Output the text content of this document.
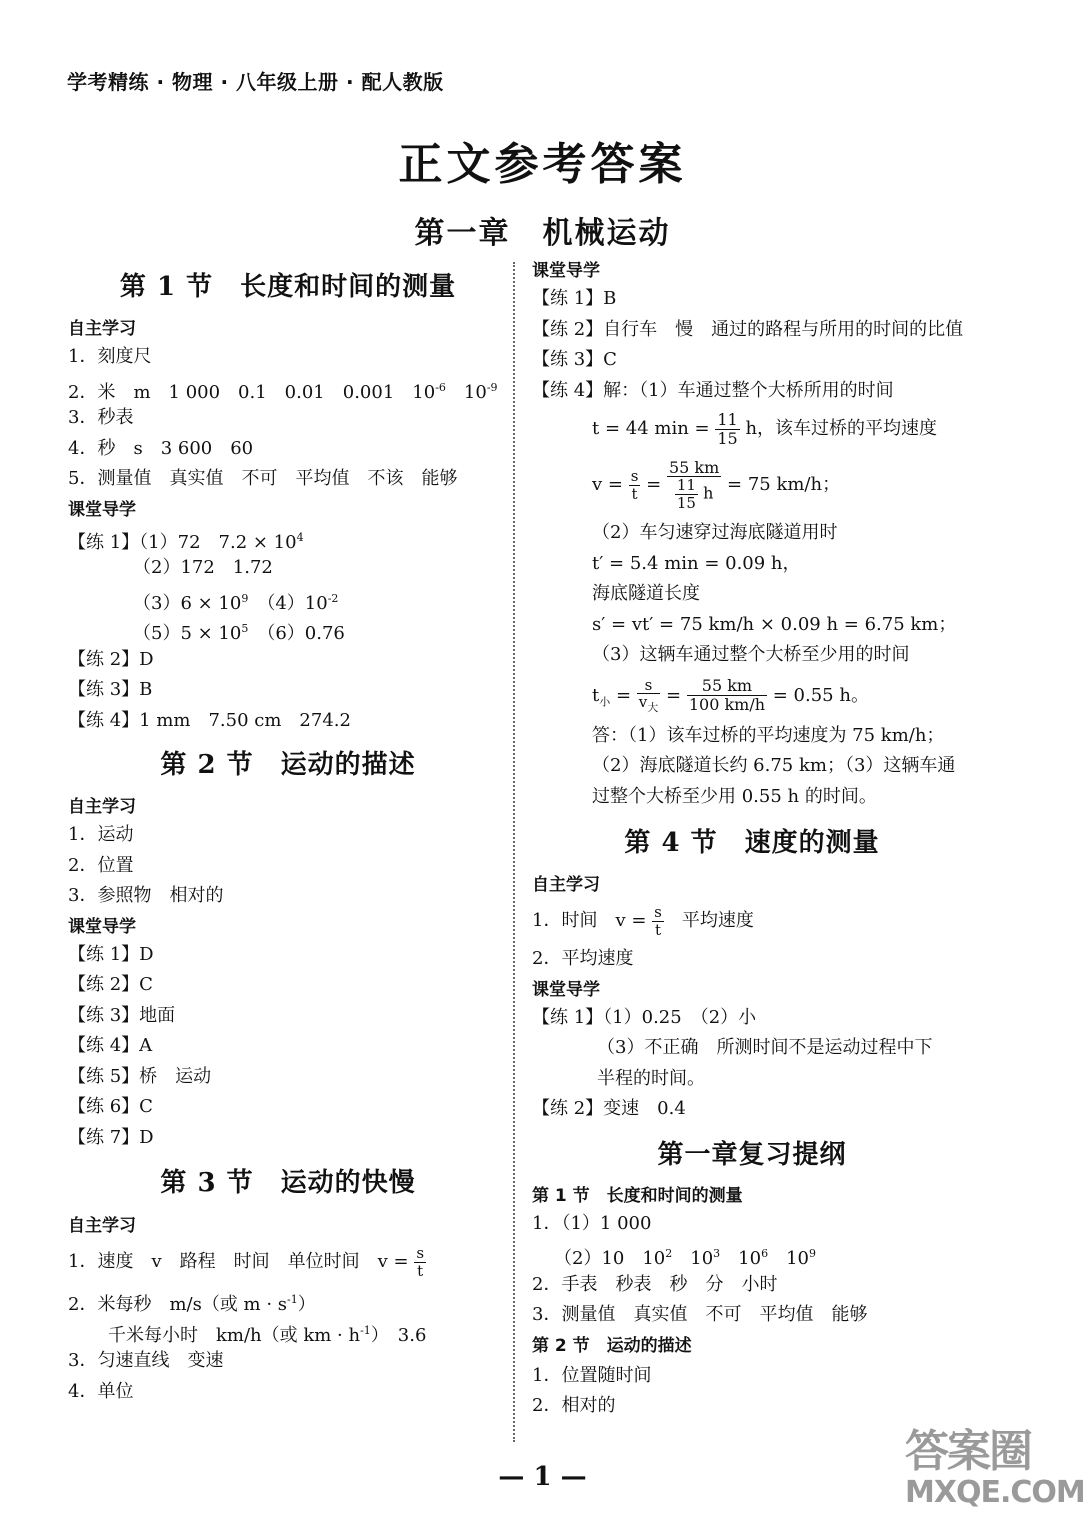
学考精练 · 物理 · 八年级上册 · 配人教版
正文参考答案
第一章　机械运动
第 1 节　长度和时间的测量
自主学习
1．刻度尺
2．米　m　1 000　0.1　0.01　0.001　$10^{-6}$　$10^{-9}$
3．秒表
4．秒　s　3 600　60
5．测量值　真实值　不可　平均值　不该　能够
课堂导学
【练 1】（1）72　$7.2 \times 10^4$
（2）172　1.72
$(3)6 \times 10^9$　$(4)10^{-2}$
$(5)5 \times 10^5$　（6）0.76
【练 2】D
【练 3】B
【练 4】1 mm　7.50 cm　274.2
第 2 节　运动的描述
自主学习
1．运动
2．位置
3．参照物　相对的
课堂导学
【练 1】D
【练 2】C
【练 3】地面
【练 4】A
【练 5】桥　运动
【练 6】C
【练 7】D
第 3 节　运动的快慢
自主学习
1．速度　v　路程　时间　单位时间　$v = \frac{s}{t}$
2．米每秒　m/s（或 $m \cdot s^{-1}$）
千米每小时　km/h（或 km · $h^{-1}$）　3.6
3．匀速直线　变速
4．单位
课堂导学
【练 1】B
【练 2】自行车　慢　通过的路程与所用的时间的比值
【练 3】C
【练 4】解：（1）车通过整个大桥所用的时间
t = 44 $\min = \frac{11}{15}$ h，该车过桥的平均速度
$v = \frac{s}{t} = \frac{55 km}{\frac{11}{15} h} = 75$ km/h；
（2）车匀速穿过海底隧道用时
t′ = 5.4 min = 0.09 h，
海底隧道长度
s′ = vt′ = 75 km/h × 0.09 h = 6.75 km；
（3）这辆车通过整个大桥至少用的时间
$t_小 = \frac{s}{v_大} = \frac{55 km}{100 km/h} = 0.55$ h。
答：（1）该车过桥的平均速度为 75 km/h；
（2）海底隧道长约 6.75 km；（3）这辆车通
过整个大桥至少用 0.55 h 的时间。
第 4 节　速度的测量
自主学习
1．时间　$v = \frac{s}{t}$ 　平均速度
2．平均速度
课堂导学
【练 1】（1）0.25　（2）小
（3）不正确　所测时间不是运动过程中下
半程的时间。
【练 2】变速　0.4
第一章复习提纲
第 1 节　长度和时间的测量
1．（1）1 000
（2）10　$10^2$　$10^3$　$10^6$　$10^9$
2．手表　秒表　秒　分　小时
3．测量值　真实值　不可　平均值　能够
第 2 节　运动的描述
1．位置随时间
2．相对的
— 1 —	答案圈
MXQE.COM
